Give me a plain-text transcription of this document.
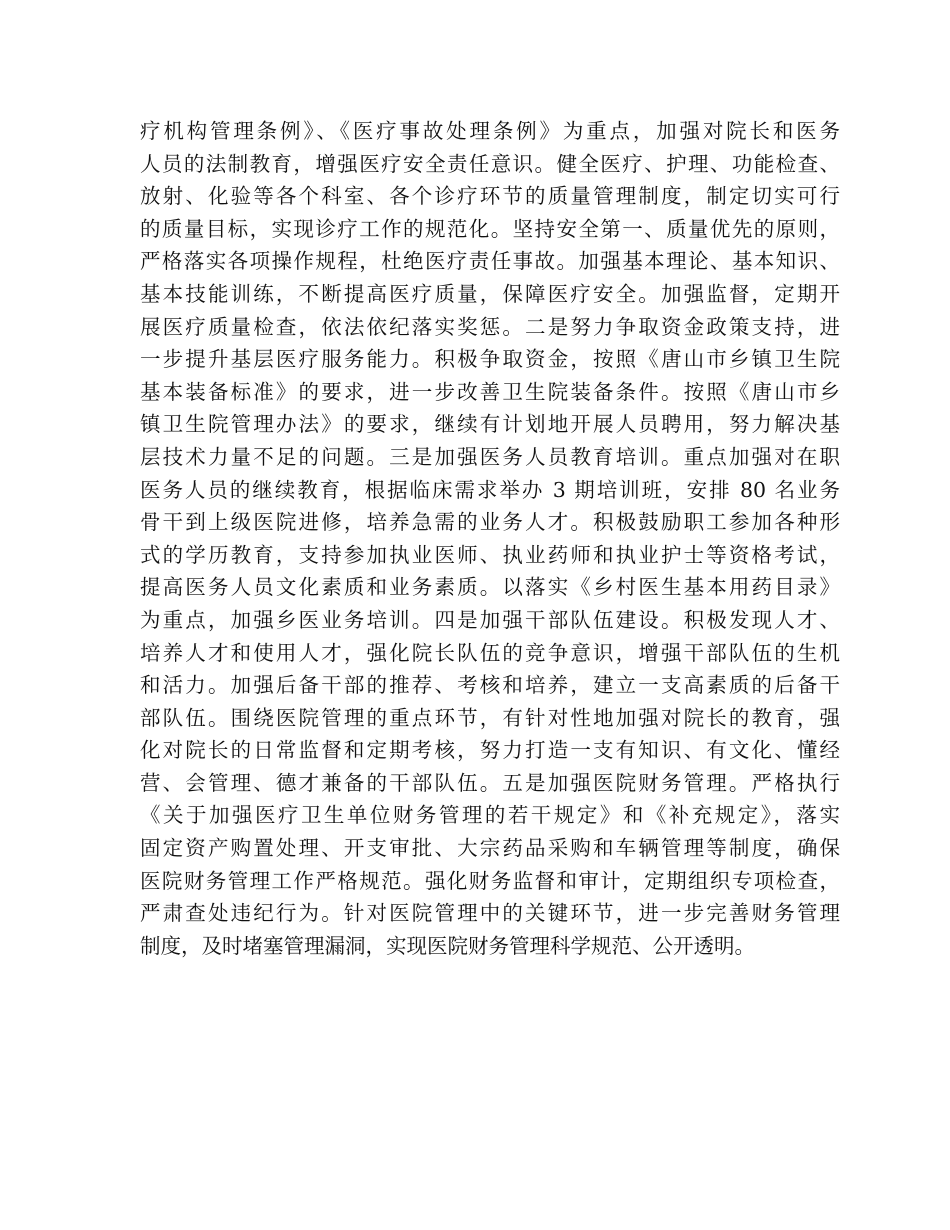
疗机构管理条例》、《医疗事故处理条例》为重点，加强对院长和医务
人员的法制教育，增强医疗安全责任意识。健全医疗、护理、功能检查、
放射、化验等各个科室、各个诊疗环节的质量管理制度，制定切实可行
的质量目标，实现诊疗工作的规范化。坚持安全第一、质量优先的原则，
严格落实各项操作规程，杜绝医疗责任事故。加强基本理论、基本知识、
基本技能训练，不断提高医疗质量，保障医疗安全。加强监督，定期开
展医疗质量检查，依法依纪落实奖惩。二是努力争取资金政策支持，进
一步提升基层医疗服务能力。积极争取资金，按照《唐山市乡镇卫生院
基本装备标准》的要求，进一步改善卫生院装备条件。按照《唐山市乡
镇卫生院管理办法》的要求，继续有计划地开展人员聘用，努力解决基
层技术力量不足的问题。三是加强医务人员教育培训。重点加强对在职
医务人员的继续教育，根据临床需求举办 3 期培训班，安排 80 名业务
骨干到上级医院进修，培养急需的业务人才。积极鼓励职工参加各种形
式的学历教育，支持参加执业医师、执业药师和执业护士等资格考试，
提高医务人员文化素质和业务素质。以落实《乡村医生基本用药目录》
为重点，加强乡医业务培训。四是加强干部队伍建设。积极发现人才、
培养人才和使用人才，强化院长队伍的竞争意识，增强干部队伍的生机
和活力。加强后备干部的推荐、考核和培养，建立一支高素质的后备干
部队伍。围绕医院管理的重点环节，有针对性地加强对院长的教育，强
化对院长的日常监督和定期考核，努力打造一支有知识、有文化、懂经
营、会管理、德才兼备的干部队伍。五是加强医院财务管理。严格执行
《关于加强医疗卫生单位财务管理的若干规定》和《补充规定》，落实
固定资产购置处理、开支审批、大宗药品采购和车辆管理等制度，确保
医院财务管理工作严格规范。强化财务监督和审计，定期组织专项检查，
严肃查处违纪行为。针对医院管理中的关键环节，进一步完善财务管理
制度，及时堵塞管理漏洞，实现医院财务管理科学规范、公开透明。
